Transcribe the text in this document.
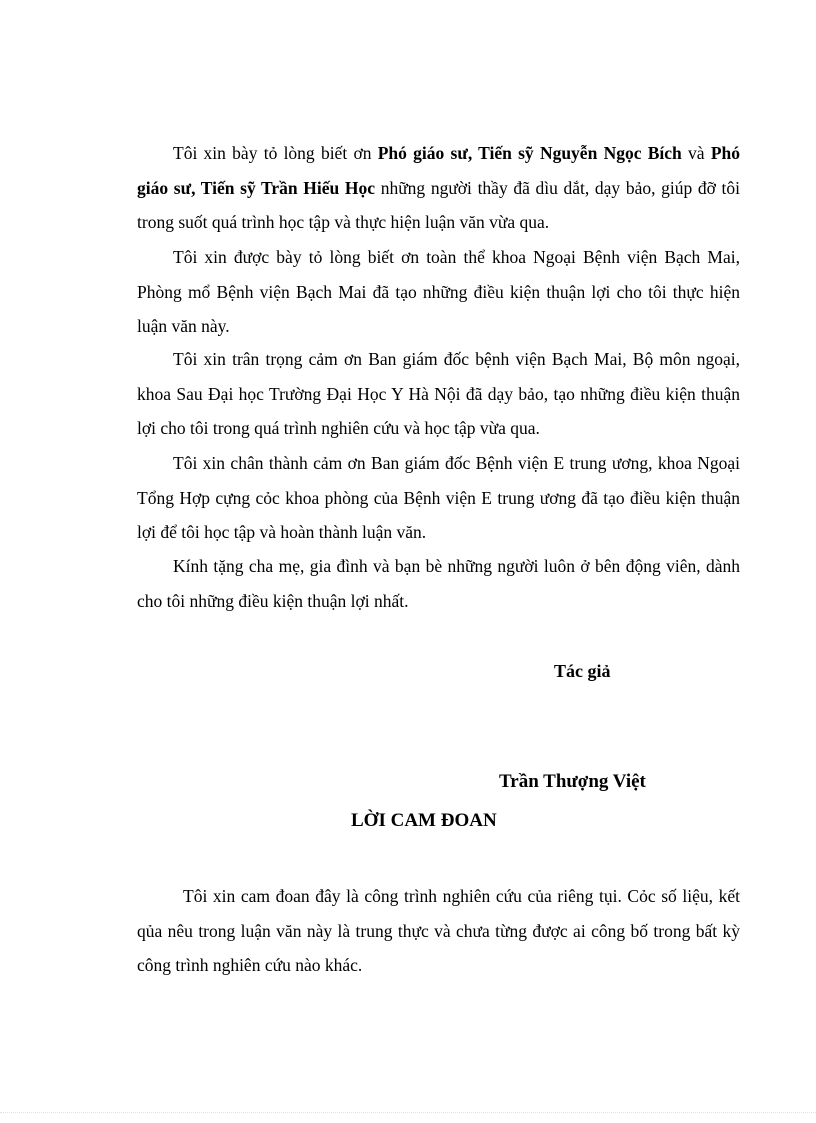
Tôi xin bày tỏ lòng biết ơn Phó giáo sư, Tiến sỹ Nguyễn Ngọc Bích và Phó giáo sư, Tiến sỹ Trần Hiếu Học những người thầy đã dìu dắt, dạy bảo, giúp đỡ tôi trong suốt quá trình học tập và thực hiện luận văn vừa qua.

Tôi xin được bày tỏ lòng biết ơn toàn thể khoa Ngoại Bệnh viện Bạch Mai, Phòng mổ Bệnh viện Bạch Mai đã tạo những điều kiện thuận lợi cho tôi thực hiện luận văn này.

Tôi xin trân trọng cảm ơn Ban giám đốc bệnh viện Bạch Mai, Bộ môn ngoại, khoa Sau Đại học Trường Đại Học Y Hà Nội đã dạy bảo, tạo những điều kiện thuận lợi cho tôi trong quá trình nghiên cứu và học tập vừa qua.

Tôi xin chân thành cảm ơn Ban giám đốc Bệnh viện E trung ương, khoa Ngoại Tổng Hợp cựng cỏc khoa phòng của Bệnh viện E trung ương đã tạo điều kiện thuận lợi để tôi học tập và hoàn thành luận văn.

Kính tặng cha mẹ, gia đình và bạn bè những người luôn ở bên động viên, dành cho tôi những điều kiện thuận lợi nhất.

Tác giả
Trần Thượng Việt
LỜI CAM ĐOAN

Tôi xin cam đoan đây là công trình nghiên cứu của riêng tụi. Cỏc số liệu, kết qủa nêu trong luận văn này là trung thực và chưa từng được ai công bố trong bất kỳ công trình nghiên cứu nào khác.
